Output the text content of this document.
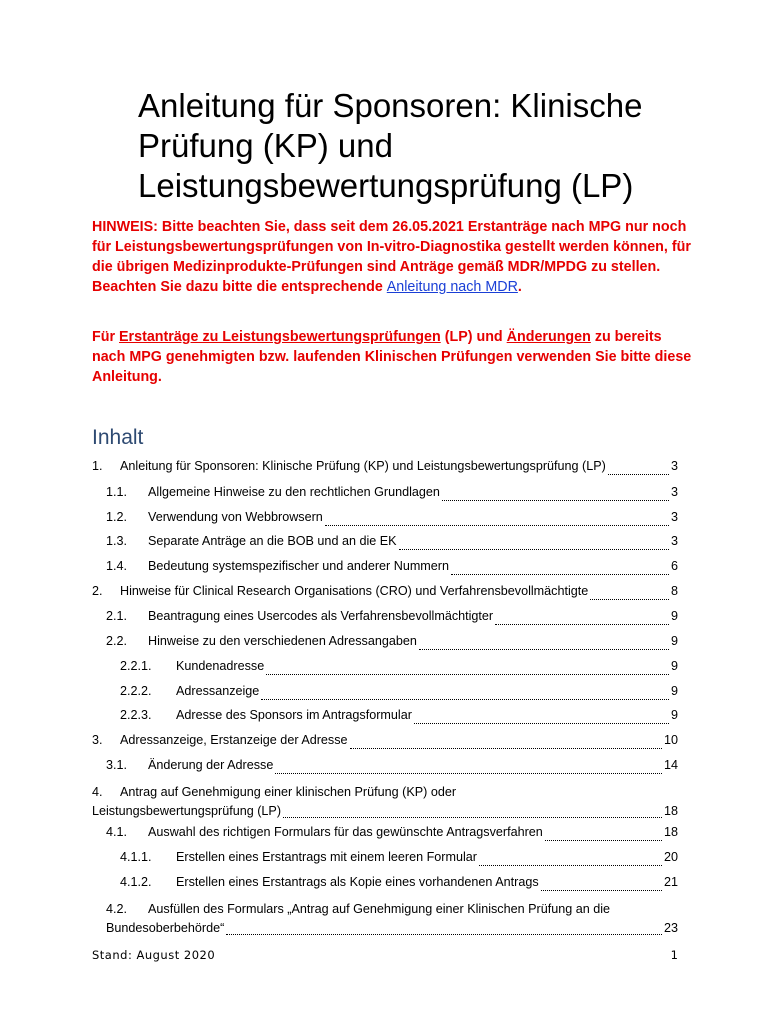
Anleitung für Sponsoren: Klinische Prüfung (KP) und Leistungsbewertungsprüfung (LP)

HINWEIS: Bitte beachten Sie, dass seit dem 26.05.2021 Erstanträge nach MPG nur noch für Leistungsbewertungsprüfungen von In-vitro-Diagnostika gestellt werden können, für die übrigen Medizinprodukte-Prüfungen sind Anträge gemäß MDR/MPDG zu stellen. Beachten Sie dazu bitte die entsprechende Anleitung nach MDR.

Für Erstanträge zu Leistungsbewertungsprüfungen (LP) und Änderungen zu bereits nach MPG genehmigten bzw. laufenden Klinischen Prüfungen verwenden Sie bitte diese Anleitung.

Inhalt
1.	Anleitung für Sponsoren: Klinische Prüfung (KP) und Leistungsbewertungsprüfung (LP)	3
1.1.	Allgemeine Hinweise zu den rechtlichen Grundlagen	3
1.2.	Verwendung von Webbrowsern	3
1.3.	Separate Anträge an die BOB und an die EK	3
1.4.	Bedeutung systemspezifischer und anderer Nummern	6
2.	Hinweise für Clinical Research Organisations (CRO) und Verfahrensbevollmächtigte	8
2.1.	Beantragung eines Usercodes als Verfahrensbevollmächtigter	9
2.2.	Hinweise zu den verschiedenen Adressangaben	9
2.2.1.	Kundenadresse	9
2.2.2.	Adressanzeige	9
2.2.3.	Adresse des Sponsors im Antragsformular	9
3.	Adressanzeige, Erstanzeige der Adresse	10
3.1.	Änderung der Adresse	14
4. Antrag auf Genehmigung einer klinischen Prüfung (KP) oder
Leistungsbewertungsprüfung (LP)	18
4.1.	Auswahl des richtigen Formulars für das gewünschte Antragsverfahren	18
4.1.1.	Erstellen eines Erstantrags mit einem leeren Formular	20
4.1.2.	Erstellen eines Erstantrags als Kopie eines vorhandenen Antrags	21
4.2. Ausfüllen des Formulars „Antrag auf Genehmigung einer Klinischen Prüfung an die
Bundesoberbehörde“	23
Stand: August 2020	1
